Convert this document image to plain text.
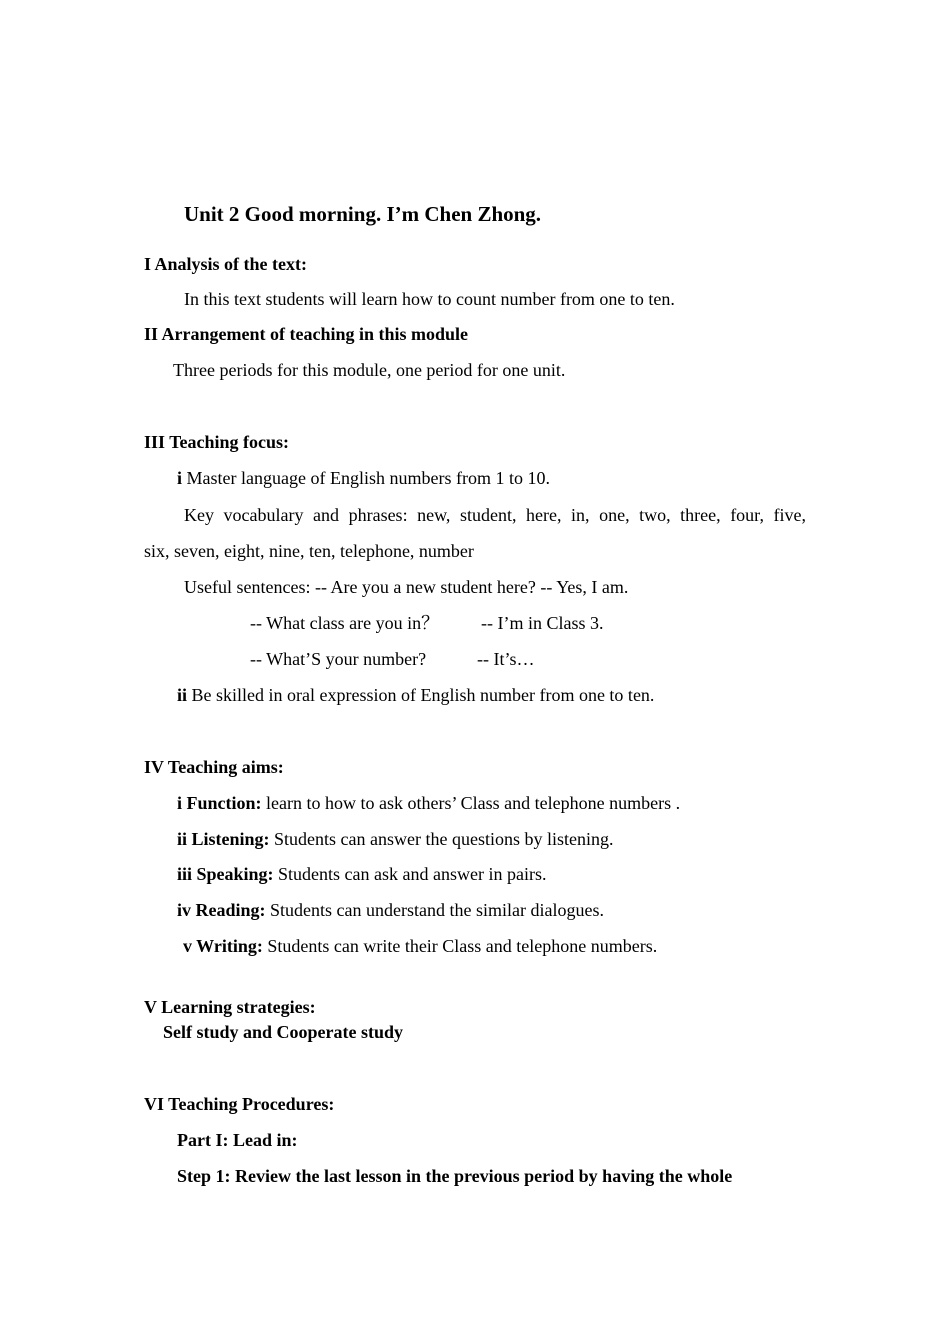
Unit 2 Good morning. I’m Chen Zhong.
I Analysis of the text:
In this text students will learn how to count number from one to ten.
II Arrangement of teaching in this module
Three periods for this module, one period for one unit.
III Teaching focus:
i Master language of English numbers from 1 to 10.
Key vocabulary and phrases: new, student, here, in, one, two, three, four, five,
six, seven, eight, nine, ten, telephone, number
Useful sentences: -- Are you a new student here? -- Yes, I am.
-- What class are you in？ -- I’m in Class 3.
-- What’S your number?	-- It’s…
ii Be skilled in oral expression of English number from one to ten.
IV Teaching aims:
i Function: learn to how to ask others’ Class and telephone numbers .
ii Listening: Students can answer the questions by listening.
iii Speaking: Students can ask and answer in pairs.
iv Reading: Students can understand the similar dialogues.
v Writing: Students can write their Class and telephone numbers.
V Learning strategies:
Self study and Cooperate study
VI Teaching Procedures:
Part I: Lead in:
Step 1: Review the last lesson in the previous period by having the whole
